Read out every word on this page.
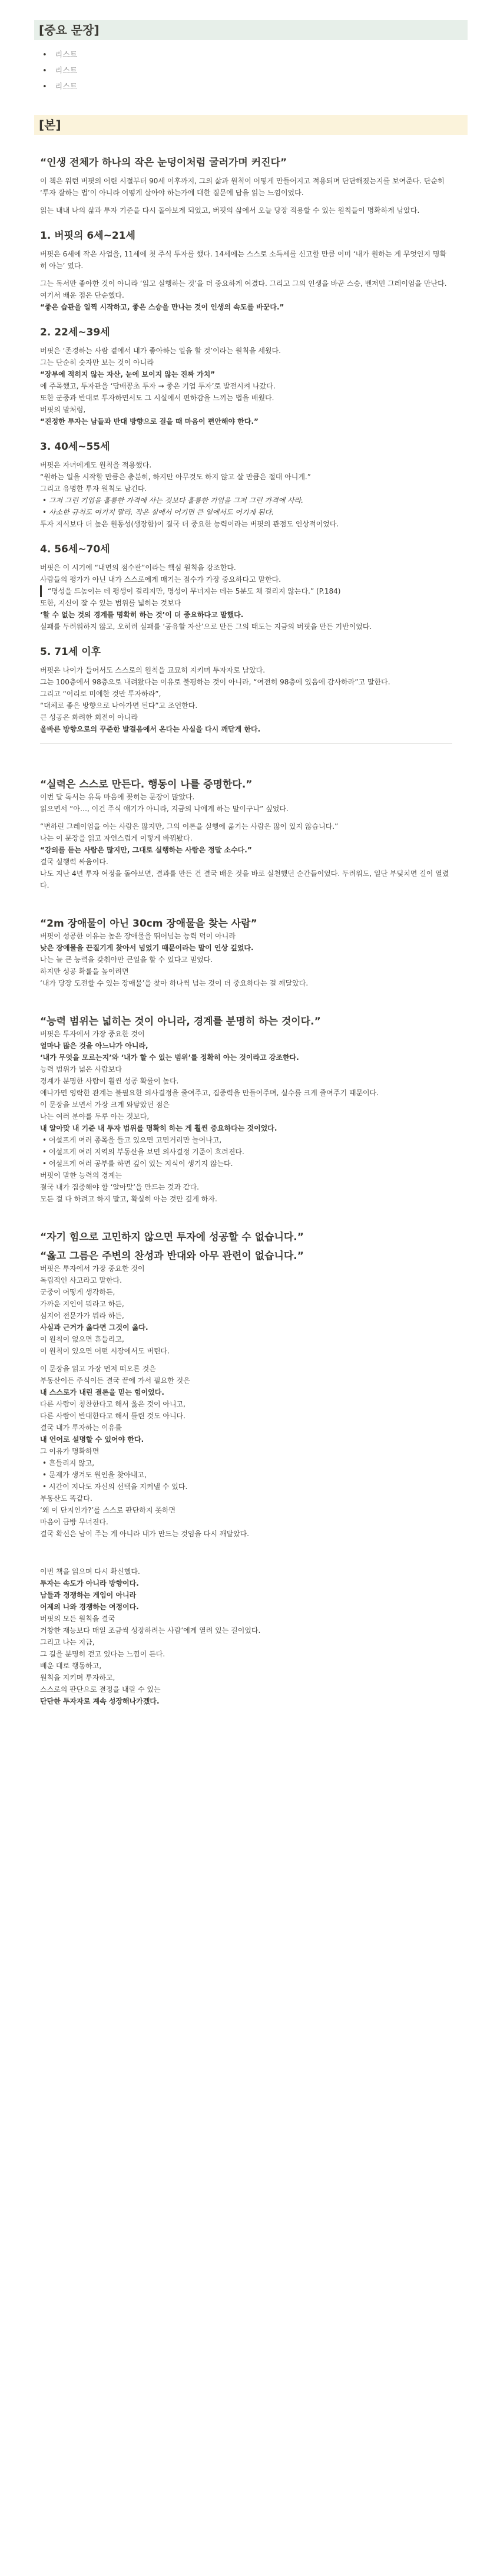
[중요 문장]
• 리스트
• 리스트
• 리스트
[본]

“인생 전체가 하나의 작은 눈덩이처럼 굴러가며 커진다”

이 책은 워런 버핏의 어린 시절부터 90세 이후까지, 그의 삶과 원칙이 어떻게 만들어지고 적용되며 단단해졌는지를 보여준다. 단순히 ‘투자 잘하는 법’이 아니라 어떻게 살아야 하는가에 대한 질문에 답을 읽는 느낌이었다.

읽는 내내 나의 삶과 투자 기준을 다시 돌아보게 되었고, 버핏의 삶에서 오늘 당장 적용할 수 있는 원칙들이 명확하게 남았다.

1. 버핏의 6세~21세

버핏은 6세에 작은 사업을, 11세에 첫 주식 투자를 했다. 14세에는 스스로 소득세를 신고할 만큼 이미 ‘내가 원하는 게 무엇인지 명확히 아는’ 였다.

그는 독서만 좋아한 것이 아니라 ‘읽고 실행하는 것’을 더 중요하게 여겼다. 그리고 그의 인생을 바꾼 스승, 벤저민 그레이엄을 만난다.

여기서 배운 점은 단순했다.

“좋은 습관을 일찍 시작하고, 좋은 스승을 만나는 것이 인생의 속도를 바꾼다.”

2. 22세~39세

버핏은 ‘존경하는 사람 곁에서 내가 좋아하는 일을 할 것’이라는 원칙을 세웠다.

그는 단순히 숫자만 보는 것이 아니라

“장부에 적히지 않는 자산, 눈에 보이지 않는 진짜 가치”

에 주목했고, 투자관을 ‘담배꽁초 투자 → 좋은 기업 투자’로 발전시켜 나갔다.

또한 군중과 반대로 투자하면서도 그 시실에서 편하감을 느끼는 법을 배웠다.

버핏의 말처럼,

“진정한 투자는 남들과 반대 방향으로 걸을 때 마음이 편안해야 한다.”

3. 40세~55세

버핏은 자녀에게도 원칙을 적용했다.

“원하는 일을 시작할 만큼은 충분히, 하지만 아무것도 하지 않고 살 만큼은 절대 아니게.”

그리고 유명한 투자 원칙도 남긴다.

• 그저 그런 기업을 훌륭한 가격에 사는 것보다 훌륭한 기업을 그저 그런 가격에 사라.

• 사소한 규칙도 여기지 말라. 작은 실에서 어기면 큰 일에서도 어기게 된다.

투자 지식보다 더 높은 원동성(생장함)이 결국 더 중요한 능력이라는 버핏의 관점도 인상적이었다.

4. 56세~70세

버핏은 이 시기에 “내면의 점수판”이라는 핵심 원칙을 강조한다.

사람들의 평가가 아닌 내가 스스로에게 매기는 점수가 가장 중요하다고 말한다.

“명성을 드높이는 데 평생이 걸리지만, 명성이 무너지는 데는 5분도 채 걸리지 않는다.” (P.184)

또한, 지신이 잘 수 있는 범위를 넓히는 것보다

‘할 수 없는 것의 경계를 명확히 하는 것’이 더 중요하다고 말했다.

실패를 두려워하지 않고, 오히려 실패를 ‘공유할 자산’으로 만든 그의 태도는 지금의 버핏을 만든 기반이었다.

5. 71세 이후

버핏은 나이가 들어서도 스스로의 원칙을 교묘히 지키며 투자자로 남았다.

그는 100층에서 98층으로 내려왔다는 이유로 불평하는 것이 아니라, “여전히 98층에 있음에 감사하라”고 말한다.

그리고 “어리로 미에한 것만 투자하라”,

“대체로 좋은 방향으로 나아가면 된다”고 조언한다.

큰 성공은 화려한 회전이 아니라

올바른 방향으로의 꾸준한 발걸음에서 온다는 사실을 다시 깨닫게 한다.

“실력은 스스로 만든다. 행동이 나를 증명한다.”

이번 달 독서는 유독 마음에 꽂히는 문장이 많았다.

읽으면서 “아…, 이건 주식 얘기가 아니라, 지금의 나에게 하는 말이구나” 싶었다.

“변하린 그레이엄을 아는 사람은 많지만, 그의 이론을 실행에 옮기는 사람은 많이 있지 않습니다.”

나는 이 문장을 읽고 자연스럽게 이렇게 바꿔봤다.

“강의를 듣는 사람은 많지만, 그대로 실행하는 사람은 정말 소수다.”

결국 실행력 싸움이다.

나도 지난 4년 투자 여정을 돌아보면, 결과를 만든 건 결국 배운 것을 바로 실천했던 순간들이었다. 두려워도, 일단 부딪치면 길이 열렸다.

“2m 장애물이 아닌 30cm 장애물을 찾는 사람”

버핏이 성공한 이유는 높은 장애물을 뛰어넘는 능력 덕이 아니라

낮은 장애물을 끈질기게 찾아서 넘었기 때문이라는 말이 인상 깊었다.

나는 늘 큰 능력을 갖춰야만 큰일을 할 수 있다고 믿었다.

하지만 성공 확률을 높이려면

‘내가 당장 도전할 수 있는 장애물’을 찾아 하나씩 넘는 것이 더 중요하다는 걸 깨달았다.

“능력 범위는 넓히는 것이 아니라, 경계를 분명히 하는 것이다.”

버핏은 투자에서 가장 중요한 것이

얼마나 많은 것을 아느냐가 아니라,

‘내가 무엇을 모르는지’와 ‘내가 할 수 있는 범위’를 정확히 아는 것이라고 강조한다.

능력 범위가 넓은 사람보다

경계가 분명한 사람이 훨씬 성공 확률이 높다.

애나가면 영락한 관계는 불필요한 의사결정을 줄여주고, 집중력을 만들어주며, 실수를 크게 줄여주기 때문이다.

이 문장을 보면서 가장 크게 와닿았던 점은

나는 여러 분야를 두루 아는 것보다,

내 알아맞 내 기준 내 투자 범위를 명확히 하는 게 훨씬 중요하다는 것이었다.

• 어설프게 여러 종목을 들고 있으면 고민거리만 늘어나고,

• 어설프게 여러 지역의 부동산을 보면 의사결정 기준이 흐려진다.

• 어설프게 여러 공부를 하면 깊이 있는 지식이 생기지 않는다.

버핏이 말한 능력의 경계는

결국 내가 집중해야 할 ‘알아맞’을 만드는 것과 같다.

모든 걸 다 하려고 하지 말고, 확실히 아는 것만 깊게 하자.

“자기 힘으로 고민하지 않으면 투자에 성공할 수 없습니다.”

“옳고 그름은 주변의 찬성과 반대와 아무 관련이 없습니다.”

버핏은 투자에서 가장 중요한 것이

독립적인 사고라고 말한다.

군중이 어떻게 생각하든,

가까운 지인이 뭐라고 하든,

심지어 전문가가 뭐라 하든,

사실과 근거가 옳다면 그것이 옳다.

이 원칙이 없으면 흔들리고,

이 원칙이 있으면 어떤 시장에서도 버틴다.

이 문장을 읽고 가장 먼저 떠오른 것은

부동산이든 주식이든 결국 끝에 가서 필요한 것은

내 스스로가 내린 결론을 믿는 힘이었다.

다른 사람이 칭찬한다고 해서 옳은 것이 아니고,

다른 사람이 반대한다고 해서 틀린 것도 아니다.

결국 내가 투자하는 이유를

내 언어로 설명할 수 있어야 한다.

그 이유가 명확하면

• 흔들리지 않고,

• 문제가 생겨도 원인을 찾아내고,

• 시간이 지나도 자신의 선택을 지켜낼 수 있다.

부동산도 똑같다.

‘왜 이 단지인가?’를 스스로 판단하지 못하면

마음이 금방 무너진다.

결국 확신은 남이 주는 게 아니라 내가 만드는 것임을 다시 깨달았다.

이번 책을 읽으며 다시 확신했다.

투자는 속도가 아니라 방향이다.

남들과 경쟁하는 게임이 아니라

어제의 나와 경쟁하는 여정이다.

버핏의 모든 원칙을 결국

거창한 재능보다 매일 조금씩 성장하려는 사람’에게 열려 있는 길이었다.

그리고 나는 지금,

그 길을 분명히 걷고 있다는 느낌이 든다.

배운 대로 행동하고,

원칙을 지키며 투자하고,

스스로의 판단으로 결정을 내릴 수 있는

단단한 투자자로 계속 성장해나가겠다.
